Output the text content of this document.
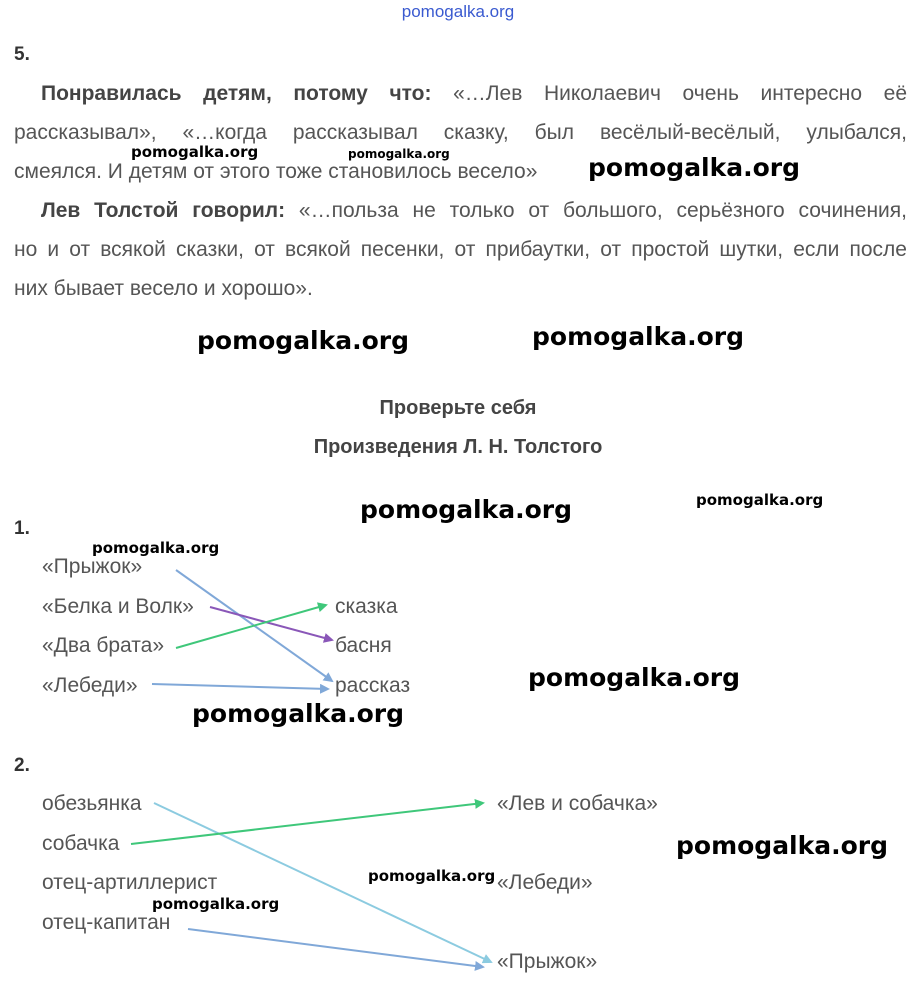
pomogalka.org
5.
Понравилась детям, потому что: «…Лев Николаевич очень интересно её
рассказывал», «…когда рассказывал сказку, был весёлый-весёлый, улыбался,
смеялся. И детям от этого тоже становилось весело»
Лев Толстой говорил: «…польза не только от большого, серьёзного сочинения,
но и от всякой сказки, от всякой песенки, от прибаутки, от простой шутки, если после
них бывает весело и хорошо».
Проверьте себя
Произведения Л. Н. Толстого
1.
«Прыжок»
«Белка и Волк»
«Два брата»
«Лебеди»
сказка
басня
рассказ
2.
обезьянка
собачка
отец-артиллерист
отец-капитан
«Лев и собачка»
«Лебеди»
«Прыжок»
pomogalka.org	pomogalka.org	pomogalka.org
pomogalka.org	pomogalka.org
pomogalka.org	pomogalka.org
pomogalka.org
pomogalka.org
pomogalka.org
pomogalka.org
pomogalka.org
pomogalka.org
